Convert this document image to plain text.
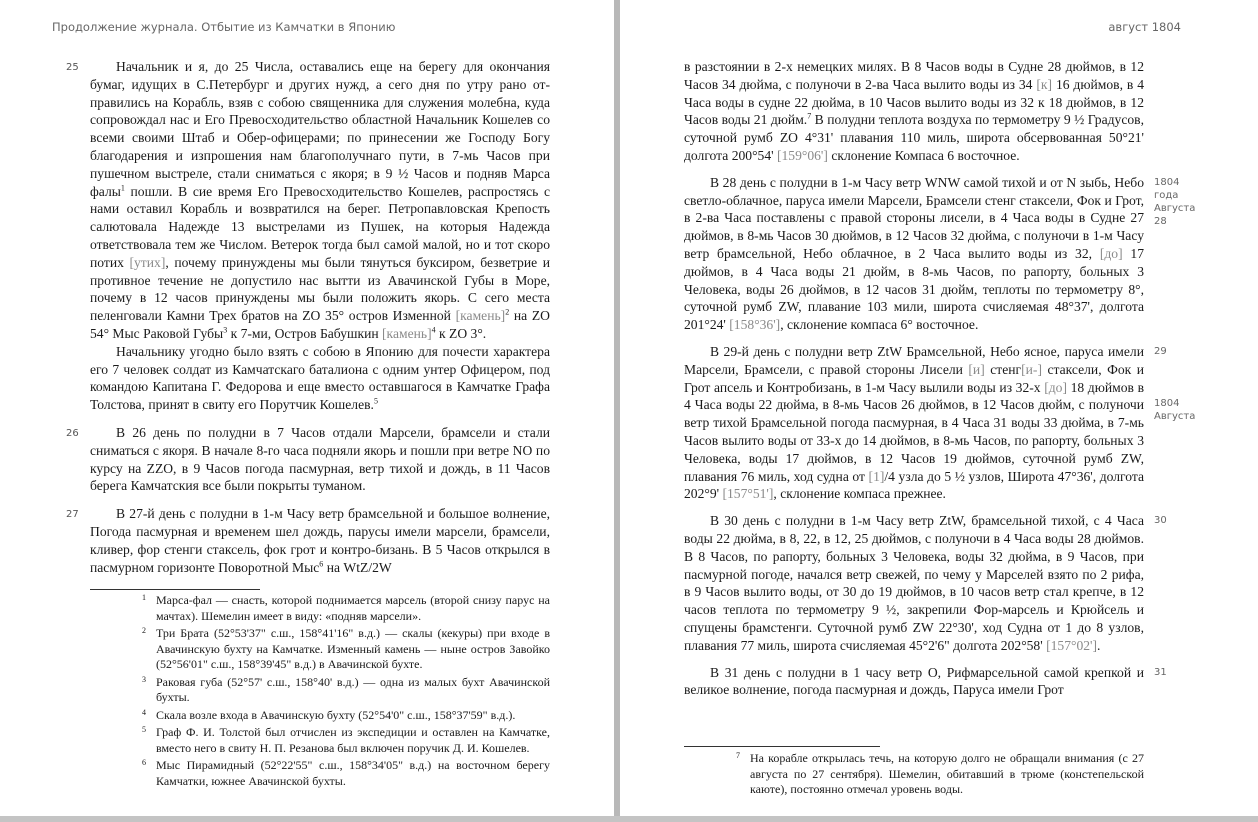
Продолжение журнала. Отбытие из Камчатки в Японию
25	Начальник и я, до 25 Числа, оставались еще на берегу для окончания бумаг, идущих в С.Петербург и других нужд, а сего дня по утру рано отправились на Корабль, взяв с собою священника для служения молебна, куда сопровождал нас и Его Превосходительство областной Начальник Кошелев со всеми своими Штаб и Обер-офицерами; по принесении же Господу Богу благодарения и изпрошения нам благополучнаго пути, в 7-мь Часов при пушечном выстреле, стали сниматься с якоря; в 9 ½ Часов и подняв Марса фалы$^1$ пошли. В сие время Его Превосходительство Кошелев, распростясь с нами оставил Корабль и возвратился на берег. Петропавловская Крепость салютовала Надежде 13 выстрелами из Пушек, на которыя Надежда ответствовала тем же Числом. Ветерок тогда был самой малой, но и тот скоро потих [утих], почему принуждены мы были тянуться буксиром, безветрие и противное течение не допустило нас вытти из Авачинской Губы в Море, почему в 12 часов принуждены мы были положить якорь. С сего места пеленговали Камни Трех братов на ZO 35° остров Изменной [камень]$^2$ на ZO 54° Мыс Раковой Губы$^3$ к 7-ми, Остров Бабушкин [камень]$^4$ к ZO 3°.

Начальнику угодно было взять с собою в Японию для почести характера его 7 человек солдат из Камчатскаго баталиона с одним унтер Офицером, под командою Капитана Г. Федорова и еще вместо оставшагося в Камчатке Графа Толстова, принят в свиту его Порутчик Кошелев.$^5$

26	В 26 день по полудни в 7 Часов отдали Марсели, брамсели и стали сниматься с якоря. В начале 8-го часа подняли якорь и пошли при ветре NO по курсу на ZZO, в 9 Часов погода пасмурная, ветр тихой и дождь, в 11 Часов берега Камчатския все были покрыты туманом.

27	В 27-й день с полудни в 1-м Часу ветр брамсельной и большое волнение, Погода пасмурная и временем шел дождь, парусы имели марсели, брамсели, кливер, фор стенги стаксель, фок грот и контро-бизань. В 5 Часов открылся в пасмурном горизонте Поворотной Мыс$^6$ на WtZ/2W

1 Марса-фал — снасть, которой поднимается марсель (второй снизу парус на мачтах). Шемелин имеет в виду: «подняв марсели».
2 Три Брата (52°53'37" с.ш., 158°41'16" в.д.) — скалы (кекуры) при входе в Авачинскую бухту на Камчатке. Изменный камень — ныне остров Завойко (52°56'01" с.ш., 158°39'45" в.д.) в Авачинской бухте.
3 Раковая губа (52°57' с.ш., 158°40' в.д.) — одна из малых бухт Авачинской бухты.
4 Скала возле входа в Авачинскую бухту (52°54'0" с.ш., 158°37'59" в.д.).
5 Граф Ф. И. Толстой был отчислен из экспедиции и оставлен на Камчатке, вместо него в свиту Н. П. Резанова был включен поручик Д. И. Кошелев.
6 Мыс Пирамидный (52°22'55" с.ш., 158°34'05" в.д.) на восточном берегу Камчатки, южнее Авачинской бухты.
август 1804

в разстоянии в 2-х немецких милях. В 8 Часов воды в Судне 28 дюймов, в 12 Часов 34 дюйма, с полуночи в 2-ва Часа вылито воды из 34 [к] 16 дюймов, в 4 Часа воды в судне 22 дюйма, в 10 Часов вылито воды из 32 к 18 дюймов, в 12 Часов воды 21 дюйм.$^7$ В полудни теплота воздуха по термометру 9 ½ Градусов, суточной румб ZO 4°31' плавания 110 миль, широта обсервованная 50°21' долгота 200°54' [159°06'] склонение Компаса 6 восточное.

1804 года
Августа 28

В 28 день с полудни в 1-м Часу ветр WNW самой тихой и от N зыбь, Небо светло-облачное, паруса имели Марсели, Брамсели стенг стаксели, Фок и Грот, в 2-ва Часа поставлены с правой стороны лисели, в 4 Часа воды в Судне 27 дюймов, в 8-мь Часов 30 дюймов, в 12 Часов 32 дюйма, с полуночи в 1-м Часу ветр брамсельной, Небо облачное, в 2 Часа вылито воды из 32, [до] 17 дюймов, в 4 Часа воды 21 дюйм, в 8-мь Часов, по рапорту, больных 3 Человека, воды 26 дюймов, в 12 часов 31 дюйм, теплоты по термометру 8°, суточной румб ZW, плавание 103 мили, широта счисляемая 48°37', долгота 201°24' [158°36'], склонение компаса 6° восточное.

29
1804 Августа

В 29-й день с полудни ветр ZtW Брамсельной, Небо ясное, паруса имели Марсели, Брамсели, с правой стороны Лисели [и] стенг[и-] стаксели, Фок и Грот апсель и Контробизань, в 1-м Часу вылили воды из 32-х [до] 18 дюймов в 4 Часа воды 22 дюйма, в 8-мь Часов 26 дюймов, в 12 Часов дюйм, с полуночи ветр тихой Брамсельной погода пасмурная, в 4 Часа 31 воды 33 дюйма, в 7-мь Часов вылито воды от 33-х до 14 дюймов, в 8-мь Часов, по рапорту, больных 3 Человека, воды 17 дюймов, в 12 Часов 19 дюймов, суточной румб ZW, плавания 76 миль, ход судна от [1]/4 узла до 5 ½ узлов, Широта 47°36', долгота 202°9' [157°51'], склонение компаса прежнее.

30

В 30 день с полудни в 1-м Часу ветр ZtW, брамсельной тихой, с 4 Часа воды 22 дюйма, в 8, 22, в 12, 25 дюймов, с полуночи в 4 Часа воды 28 дюймов. В 8 Часов, по рапорту, больных 3 Человека, воды 32 дюйма, в 9 Часов, при пасмурной погоде, начался ветр свежей, по чему у Марселей взято по 2 рифа, в 9 Часов вылито воды, от 30 до 19 дюймов, в 10 часов ветр стал крепче, в 12 часов теплота по термометру 9 ½, закрепили Фор-марсель и Крюйсель и спущены брамстенги. Суточной румб ZW 22°30', ход Судна от 1 до 8 узлов, плавания 77 миль, широта счисляемая 45°2'6" долгота 202°58' [157°02'].

31

В 31 день с полудни в 1 часу ветр O, Рифмарсельной самой крепкой и великое волнение, погода пасмурная и дождь, Паруса имели Грот

7 На корабле открылась течь, на которую долго не обращали внимания (с 27 августа по 27 сентября). Шемелин, обитавший в трюме (констепельской каюте), постоянно отмечал уровень воды.
